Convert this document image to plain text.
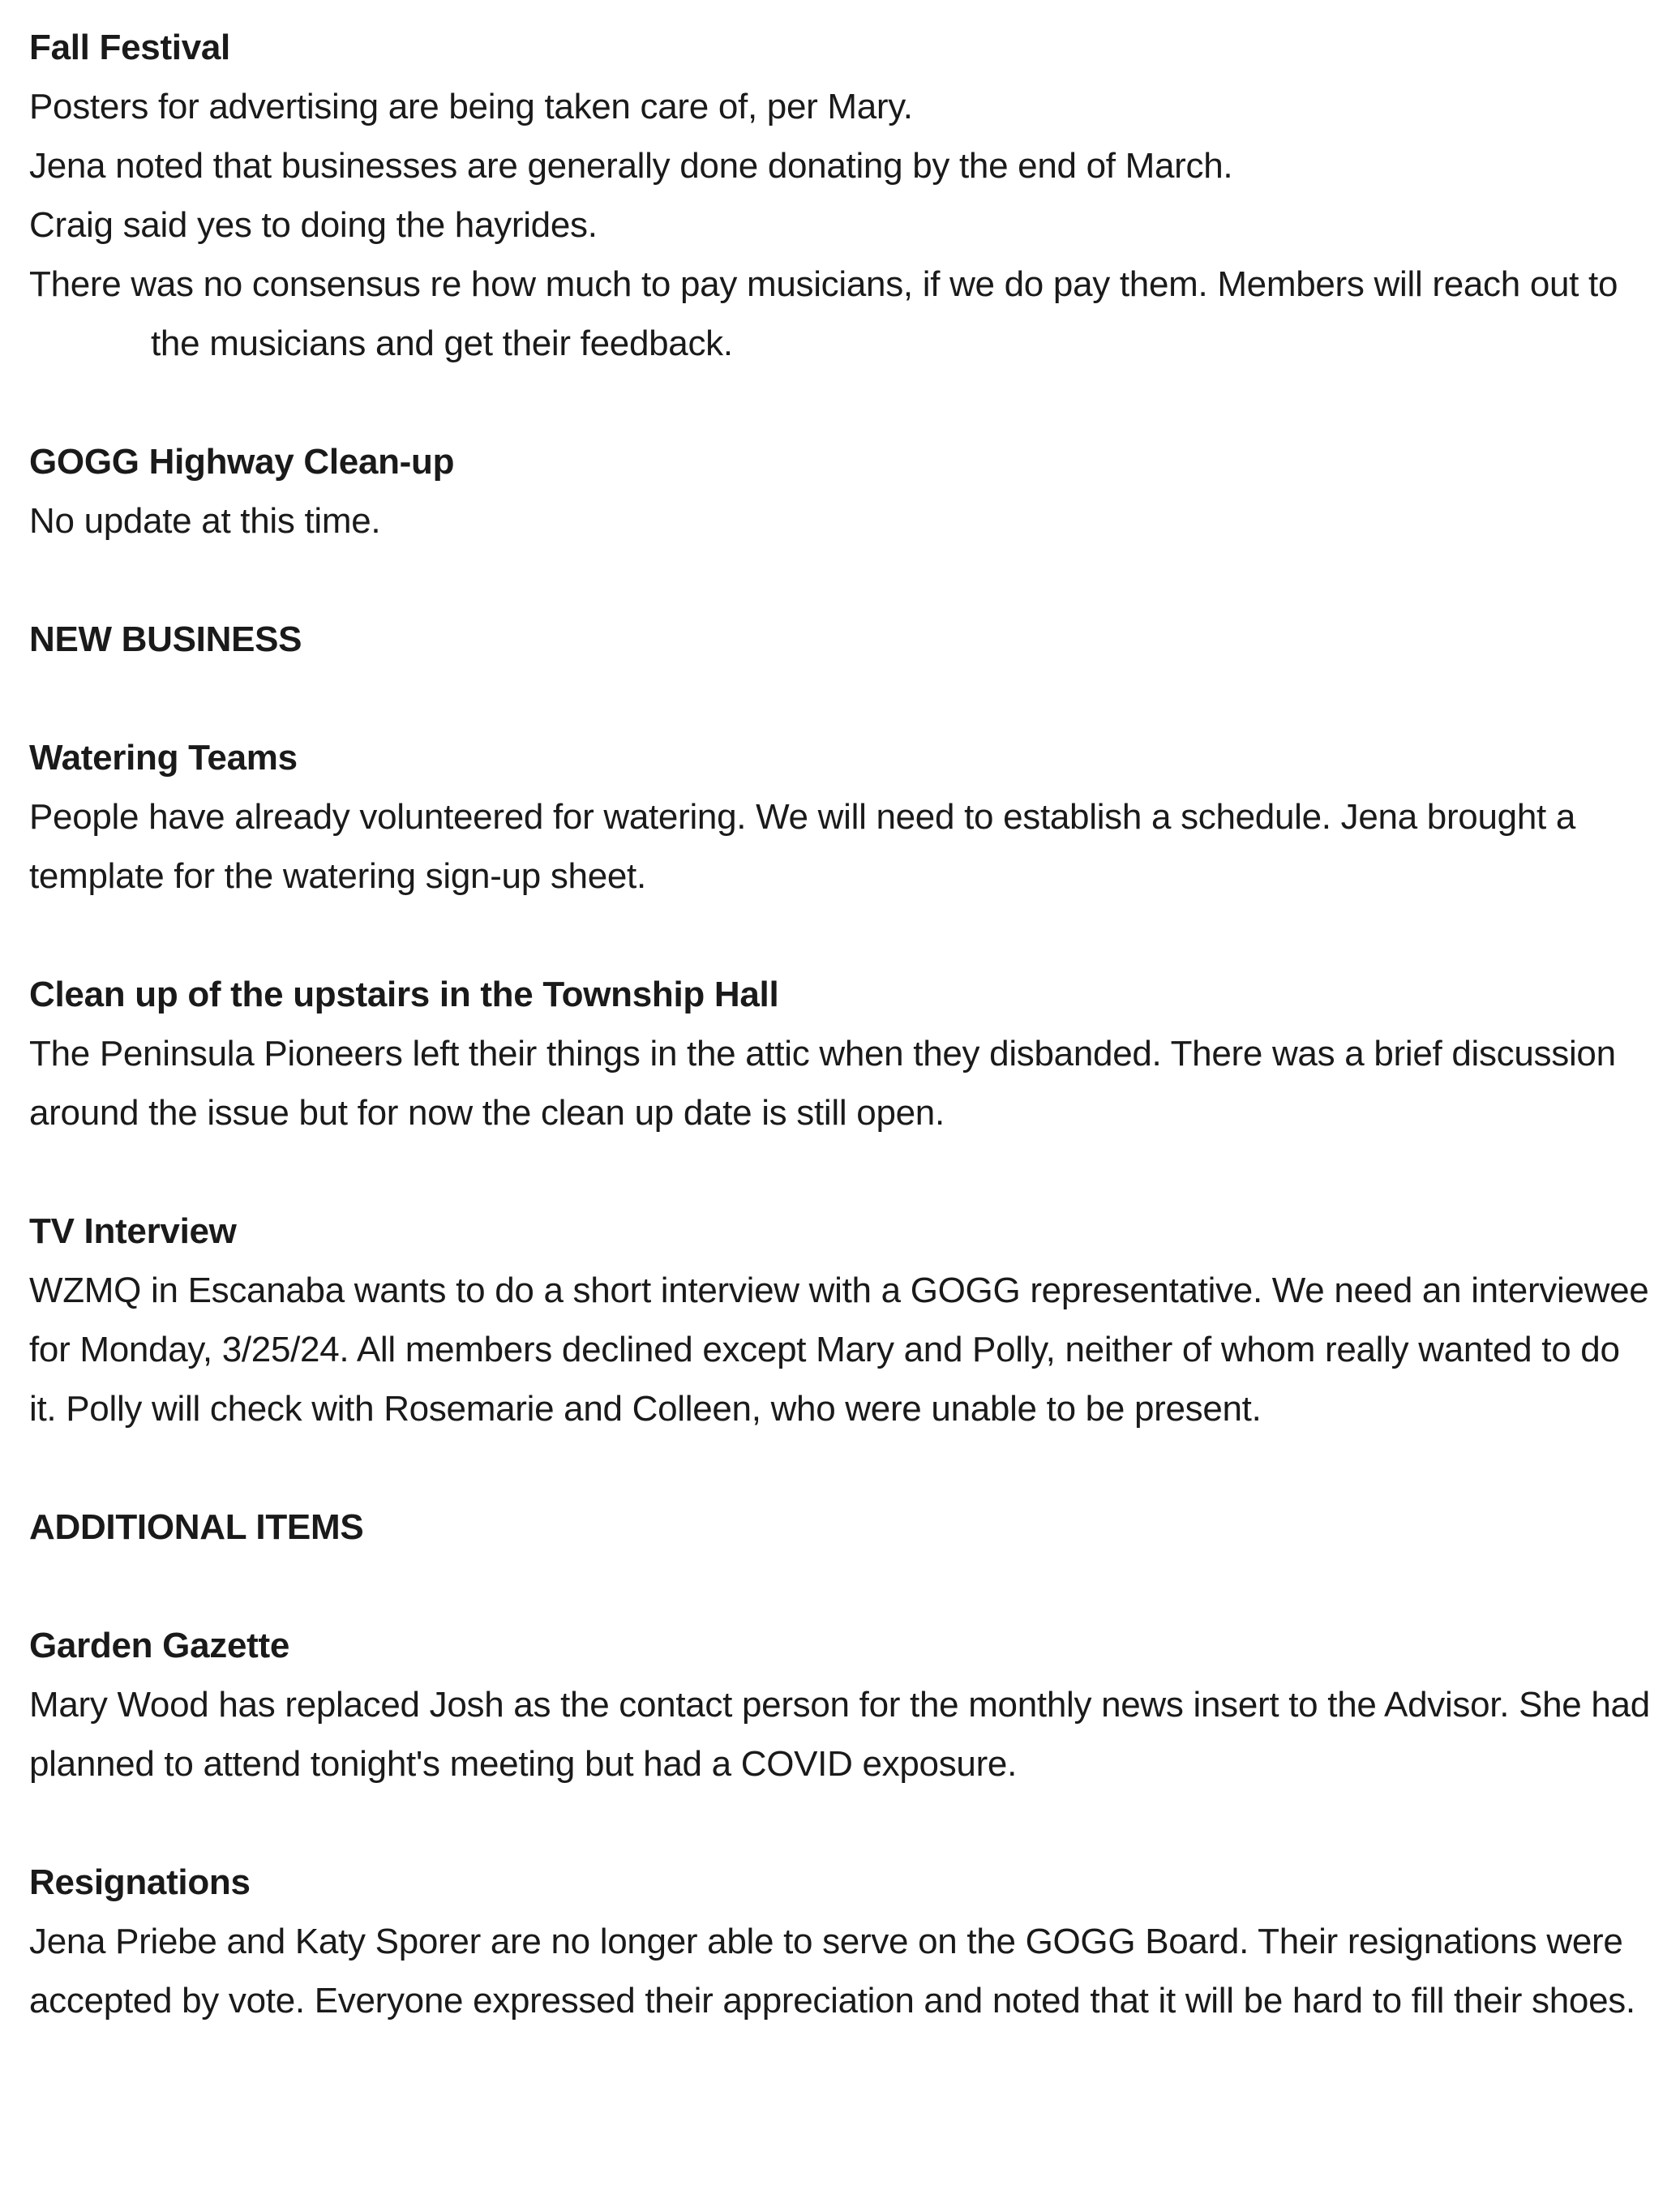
Fall Festival
Posters for advertising are being taken care of, per Mary.
Jena noted that businesses are generally done donating by the end of March.
Craig said yes to doing the hayrides.
There was no consensus re how much to pay musicians, if we do pay them. Members will reach out to
the musicians and get their feedback.
GOGG Highway Clean-up
No update at this time.
NEW BUSINESS
Watering Teams
People have already volunteered for watering. We will need to establish a schedule. Jena brought a
template for the watering sign-up sheet.
Clean up of the upstairs in the Township Hall
The Peninsula Pioneers left their things in the attic when they disbanded. There was a brief discussion
around the issue but for now the clean up date is still open.
TV Interview
WZMQ in Escanaba wants to do a short interview with a GOGG representative. We need an interviewee
for Monday, 3/25/24. All members declined except Mary and Polly, neither of whom really wanted to do
it. Polly will check with Rosemarie and Colleen, who were unable to be present.
ADDITIONAL ITEMS
Garden Gazette
Mary Wood has replaced Josh as the contact person for the monthly news insert to the Advisor. She had
planned to attend tonight's meeting but had a COVID exposure.
Resignations
Jena Priebe and Katy Sporer are no longer able to serve on the GOGG Board. Their resignations were
accepted by vote. Everyone expressed their appreciation and noted that it will be hard to fill their shoes.
